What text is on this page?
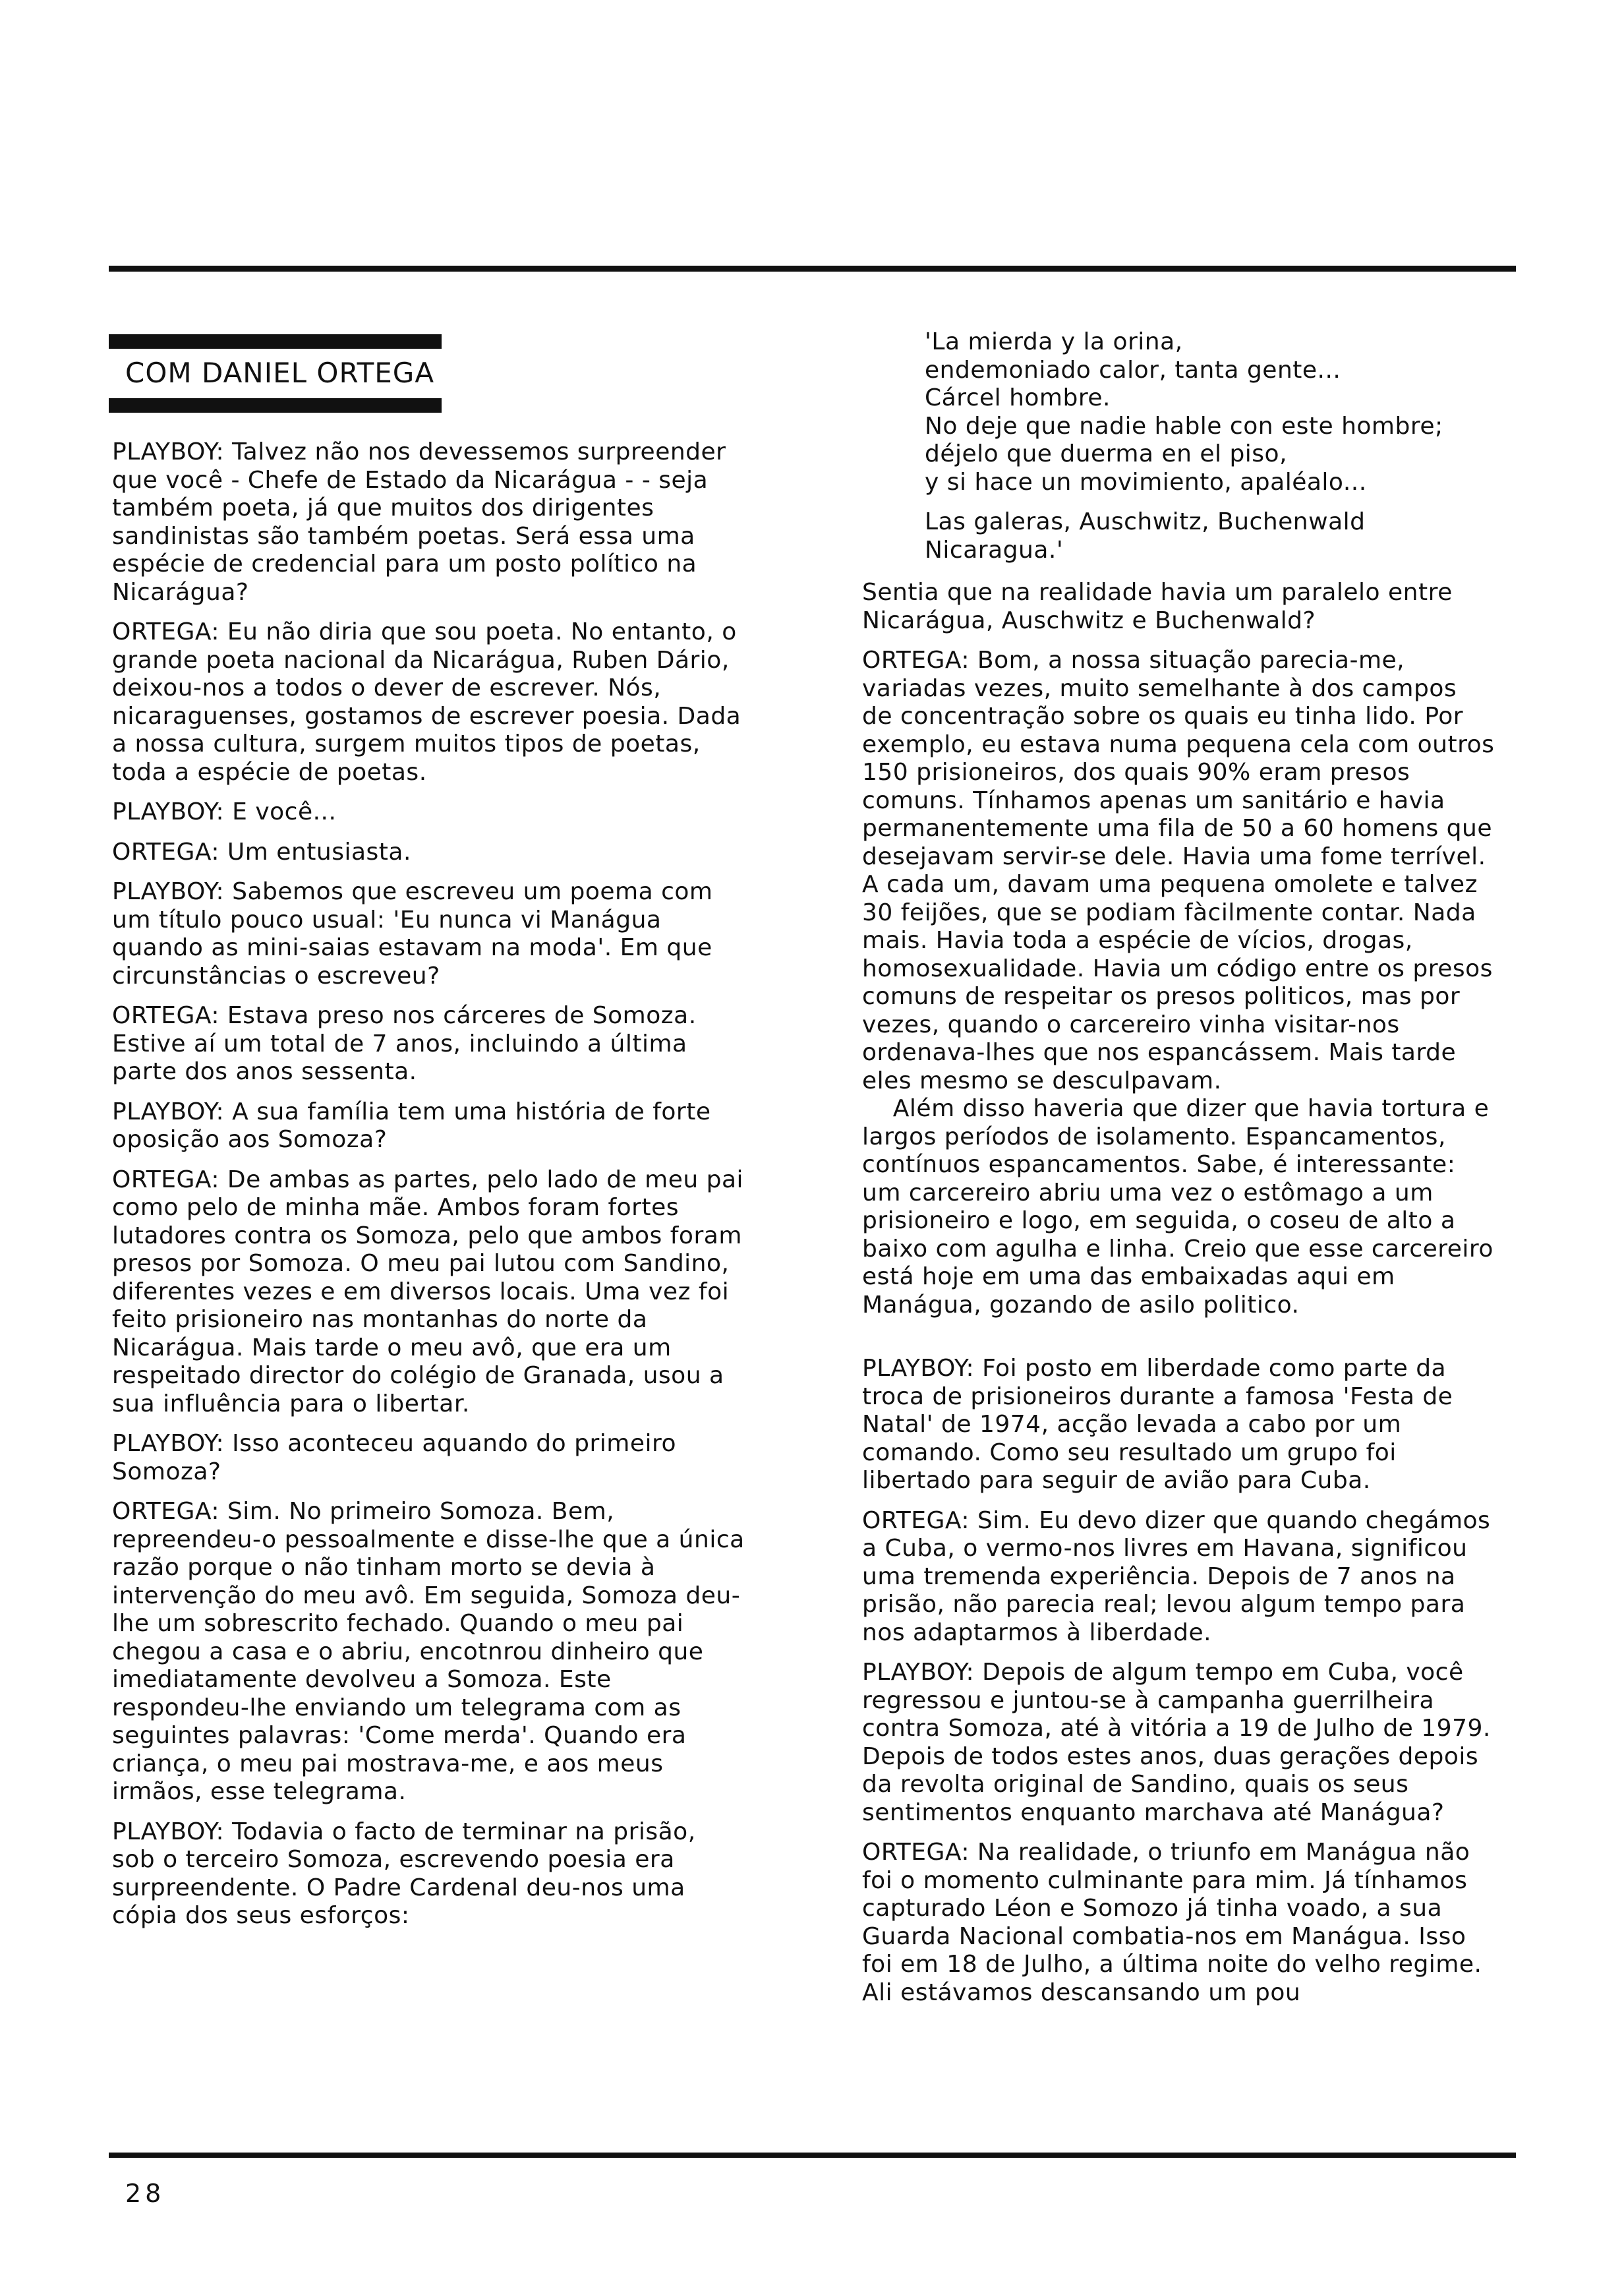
COM DANIEL ORTEGA

PLAYBOY: Talvez não nos devessemos surpreender que você - Chefe de Estado da Nicarágua - - seja também poeta, já que muitos dos dirigentes sandinistas são também poetas. Será essa uma espécie de credencial para um posto político na Nicarágua?

ORTEGA: Eu não diria que sou poeta. No entanto, o grande poeta nacional da Nicarágua, Ruben Dário, deixou-nos a todos o dever de escrever. Nós, nicaraguenses, gostamos de escrever poesia. Dada a nossa cultura, surgem muitos tipos de poetas, toda a espécie de poetas.

PLAYBOY: E você...

ORTEGA: Um entusiasta.

PLAYBOY: Sabemos que escreveu um poema com um título pouco usual: 'Eu nunca vi Manágua quando as mini-saias estavam na moda'. Em que circunstâncias o escreveu?

ORTEGA: Estava preso nos cárceres de Somoza. Estive aí um total de 7 anos, incluindo a última parte dos anos sessenta.

PLAYBOY: A sua família tem uma história de forte oposição aos Somoza?

ORTEGA: De ambas as partes, pelo lado de meu pai como pelo de minha mãe. Ambos foram fortes lutadores contra os Somoza, pelo que ambos foram presos por Somoza. O meu pai lutou com Sandino, diferentes vezes e em diversos locais. Uma vez foi feito prisioneiro nas montanhas do norte da Nicarágua. Mais tarde o meu avô, que era um respeitado director do colégio de Granada, usou a sua influência para o libertar.

PLAYBOY: Isso aconteceu aquando do primeiro Somoza?

ORTEGA: Sim. No primeiro Somoza. Bem, repreendeu-o pessoalmente e disse-lhe que a única razão porque o não tinham morto se devia à intervenção do meu avô. Em seguida, Somoza deu-lhe um sobrescrito fechado. Quando o meu pai chegou a casa e o abriu, encotnrou dinheiro que imediatamente devolveu a Somoza. Este respondeu-lhe enviando um telegrama com as seguintes palavras: 'Come merda'. Quando era criança, o meu pai mostrava-me, e aos meus irmãos, esse telegrama.

PLAYBOY: Todavia o facto de terminar na prisão, sob o terceiro Somoza, escrevendo poesia era surpreendente. O Padre Cardenal deu-nos uma cópia dos seus esforços:

'La mierda y la orina,
endemoniado calor, tanta gente...
Cárcel hombre.
No deje que nadie hable con este hombre;
déjelo que duerma en el piso,
y si hace un movimiento, apaléalo...
Las galeras, Auschwitz, Buchenwald
Nicaragua.'

Sentia que na realidade havia um paralelo entre Nicarágua, Auschwitz e Buchenwald?

ORTEGA: Bom, a nossa situação parecia-me, variadas vezes, muito semelhante à dos campos de concentração sobre os quais eu tinha lido. Por exemplo, eu estava numa pequena cela com outros 150 prisioneiros, dos quais 90% eram presos comuns. Tínhamos apenas um sanitário e havia permanentemente uma fila de 50 a 60 homens que desejavam servir-se dele. Havia uma fome terrível. A cada um, davam uma pequena omolete e talvez 30 feijões, que se podiam fàcilmente contar. Nada mais. Havia toda a espécie de vícios, drogas, homosexualidade. Havia um código entre os presos comuns de respeitar os presos politicos, mas por vezes, quando o carcereiro vinha visitar-nos ordenava-lhes que nos espancássem. Mais tarde eles mesmo se desculpavam.

Além disso haveria que dizer que havia tortura e largos períodos de isolamento. Espancamentos, contínuos espancamentos. Sabe, é interessante: um carcereiro abriu uma vez o estômago a um prisioneiro e logo, em seguida, o coseu de alto a baixo com agulha e linha. Creio que esse carcereiro está hoje em uma das embaixadas aqui em Manágua, gozando de asilo politico.

PLAYBOY: Foi posto em liberdade como parte da troca de prisioneiros durante a famosa 'Festa de Natal' de 1974, acção levada a cabo por um comando. Como seu resultado um grupo foi libertado para seguir de avião para Cuba.

ORTEGA: Sim. Eu devo dizer que quando chegámos a Cuba, o vermo-nos livres em Havana, significou uma tremenda experiência. Depois de 7 anos na prisão, não parecia real; levou algum tempo para nos adaptarmos à liberdade.

PLAYBOY: Depois de algum tempo em Cuba, você regressou e juntou-se à campanha guerrilheira contra Somoza, até à vitória a 19 de Julho de 1979. Depois de todos estes anos, duas gerações depois da revolta original de Sandino, quais os seus sentimentos enquanto marchava até Manágua?

ORTEGA: Na realidade, o triunfo em Manágua não foi o momento culminante para mim. Já tínhamos capturado Léon e Somozo já tinha voado, a sua Guarda Nacional combatia-nos em Manágua. Isso foi em 18 de Julho, a última noite do velho regime. Ali estávamos descansando um pou

28
